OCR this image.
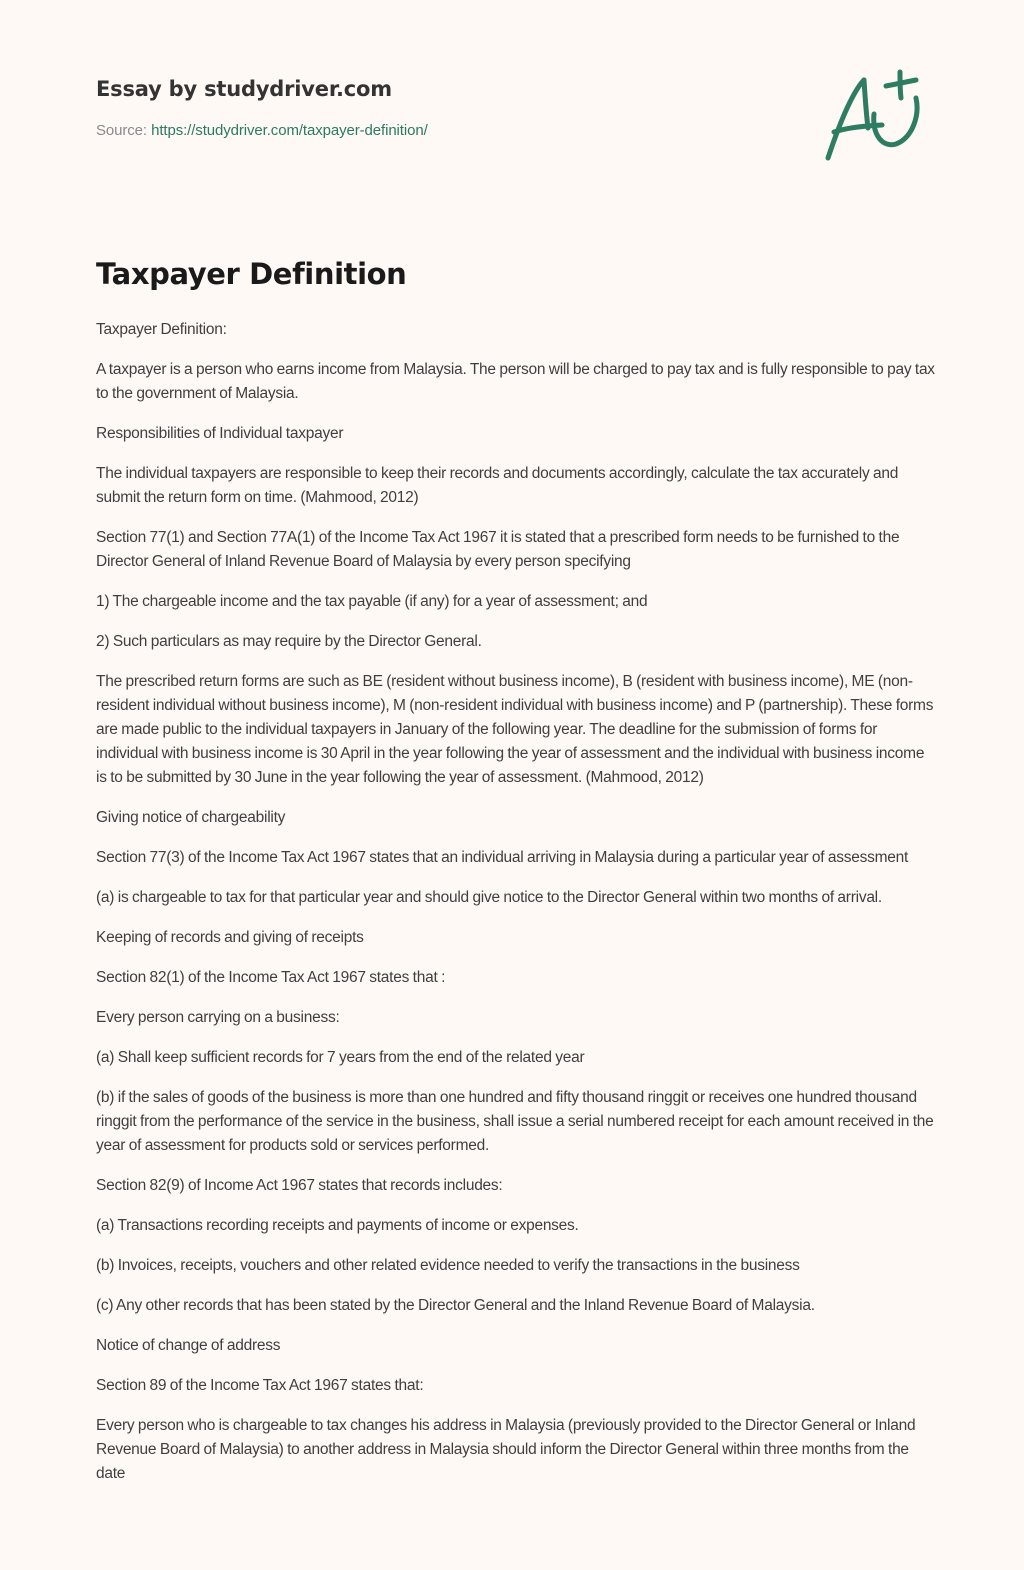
Essay by studydriver.com
Source: https://studydriver.com/taxpayer-definition/
Taxpayer Definition

Taxpayer Definition:

A taxpayer is a person who earns income from Malaysia. The person will be charged to pay tax and is fully responsible to pay tax to the government of Malaysia.

Responsibilities of Individual taxpayer

The individual taxpayers are responsible to keep their records and documents accordingly, calculate the tax accurately and submit the return form on time. (Mahmood, 2012)

Section 77(1) and Section 77A(1) of the Income Tax Act 1967 it is stated that a prescribed form needs to be furnished to the Director General of Inland Revenue Board of Malaysia by every person specifying

1) The chargeable income and the tax payable (if any) for a year of assessment; and

2) Such particulars as may require by the Director General.

The prescribed return forms are such as BE (resident without business income), B (resident with business income), ME (non-resident individual without business income), M (non-resident individual with business income) and P (partnership). These forms are made public to the individual taxpayers in January of the following year. The deadline for the submission of forms for individual with business income is 30 April in the year following the year of assessment and the individual with business income is to be submitted by 30 June in the year following the year of assessment. (Mahmood, 2012)

Giving notice of chargeability

Section 77(3) of the Income Tax Act 1967 states that an individual arriving in Malaysia during a particular year of assessment

(a) is chargeable to tax for that particular year and should give notice to the Director General within two months of arrival.

Keeping of records and giving of receipts

Section 82(1) of the Income Tax Act 1967 states that :

Every person carrying on a business:

(a) Shall keep sufficient records for 7 years from the end of the related year

(b) if the sales of goods of the business is more than one hundred and fifty thousand ringgit or receives one hundred thousand ringgit from the performance of the service in the business, shall issue a serial numbered receipt for each amount received in the year of assessment for products sold or services performed.

Section 82(9) of Income Act 1967 states that records includes:

(a) Transactions recording receipts and payments of income or expenses.

(b) Invoices, receipts, vouchers and other related evidence needed to verify the transactions in the business

(c) Any other records that has been stated by the Director General and the Inland Revenue Board of Malaysia.

Notice of change of address

Section 89 of the Income Tax Act 1967 states that:

Every person who is chargeable to tax changes his address in Malaysia (previously provided to the Director General or Inland Revenue Board of Malaysia) to another address in Malaysia should inform the Director General within three months from the date
